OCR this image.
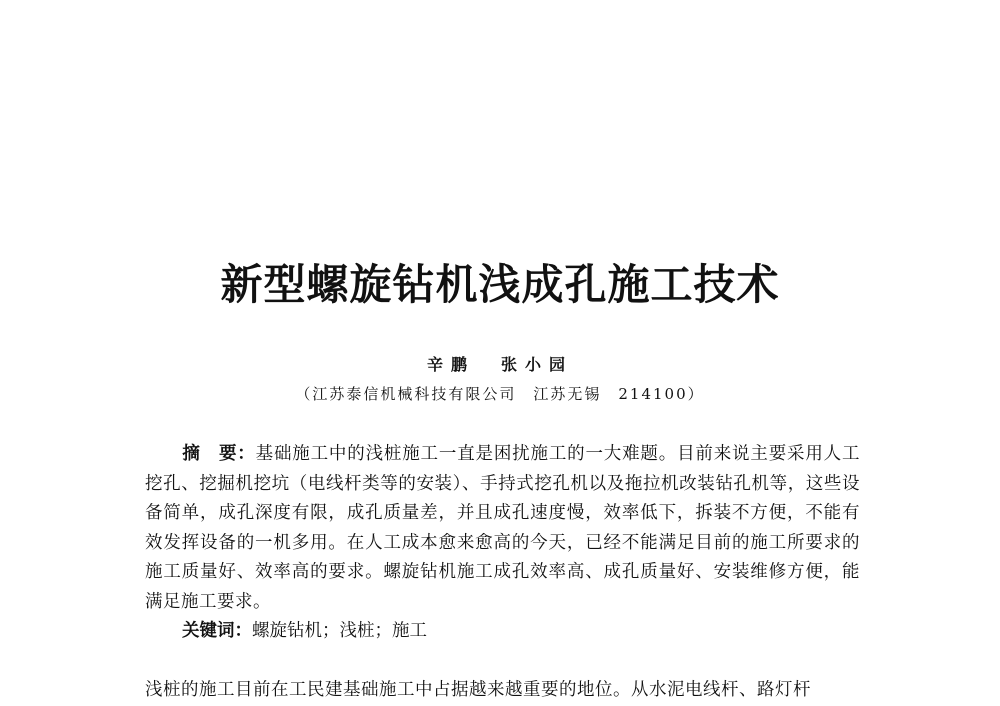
新型螺旋钻机浅成孔施工技术
辛鹏 张小园
（江苏泰信机械科技有限公司　江苏无锡　214100）
摘　要：基础施工中的浅桩施工一直是困扰施工的一大难题。目前来说主要采用人工挖孔、挖掘机挖坑（电线杆类等的安装）、手持式挖孔机以及拖拉机改装钻孔机等，这些设备简单，成孔深度有限，成孔质量差，并且成孔速度慢，效率低下，拆装不方便，不能有效发挥设备的一机多用。在人工成本愈来愈高的今天，已经不能满足目前的施工所要求的施工质量好、效率高的要求。螺旋钻机施工成孔效率高、成孔质量好、安装维修方便，能满足施工要求。
关键词：螺旋钻机；浅桩；施工
浅桩的施工目前在工民建基础施工中占据越来越重要的地位。从水泥电线杆、路灯杆
